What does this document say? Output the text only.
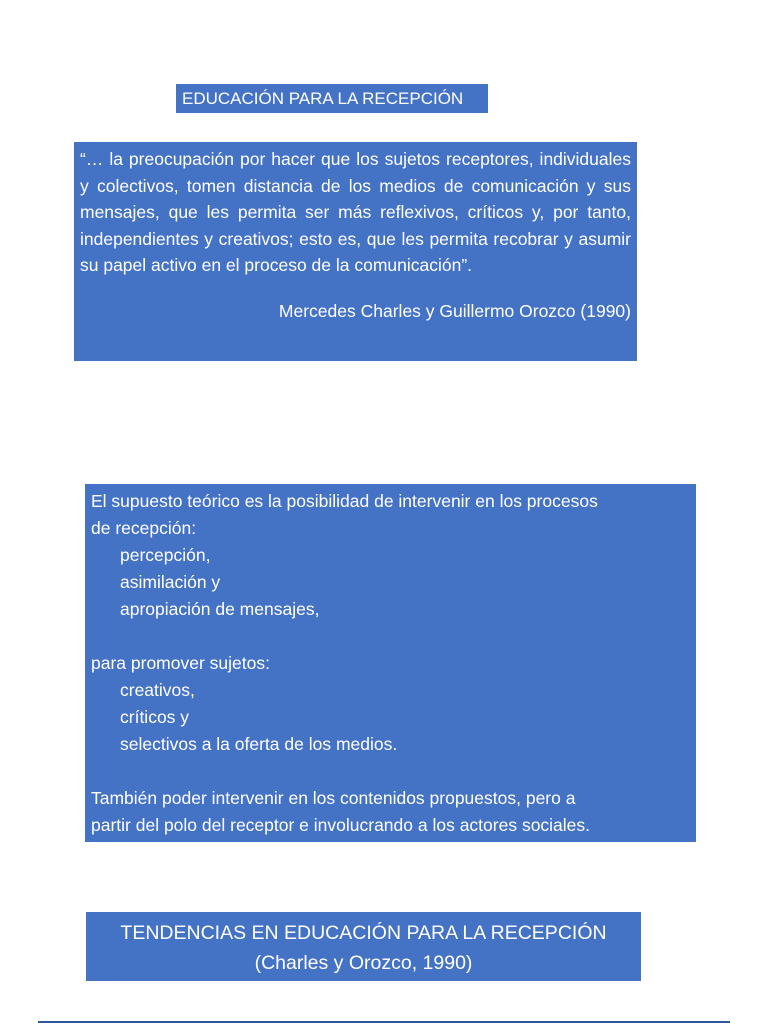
EDUCACIÓN PARA LA RECEPCIÓN

“… la preocupación por hacer que los sujetos receptores, individuales y colectivos, tomen distancia de los medios de comunicación y sus mensajes, que les permita ser más reflexivos, críticos y, por tanto, independientes y creativos; esto es, que les permita recobrar y asumir su papel activo en el proceso de la comunicación”.

Mercedes Charles y Guillermo Orozco (1990)

El supuesto teórico es la posibilidad de intervenir en los procesos

de recepción:

percepción,

asimilación y

apropiación de mensajes,

para promover sujetos:

creativos,

críticos y

selectivos a la oferta de los medios.

También poder intervenir en los contenidos propuestos, pero a

partir del polo del receptor e involucrando a los actores sociales.

TENDENCIAS EN EDUCACIÓN PARA LA RECEPCIÓN
(Charles y Orozco, 1990)
